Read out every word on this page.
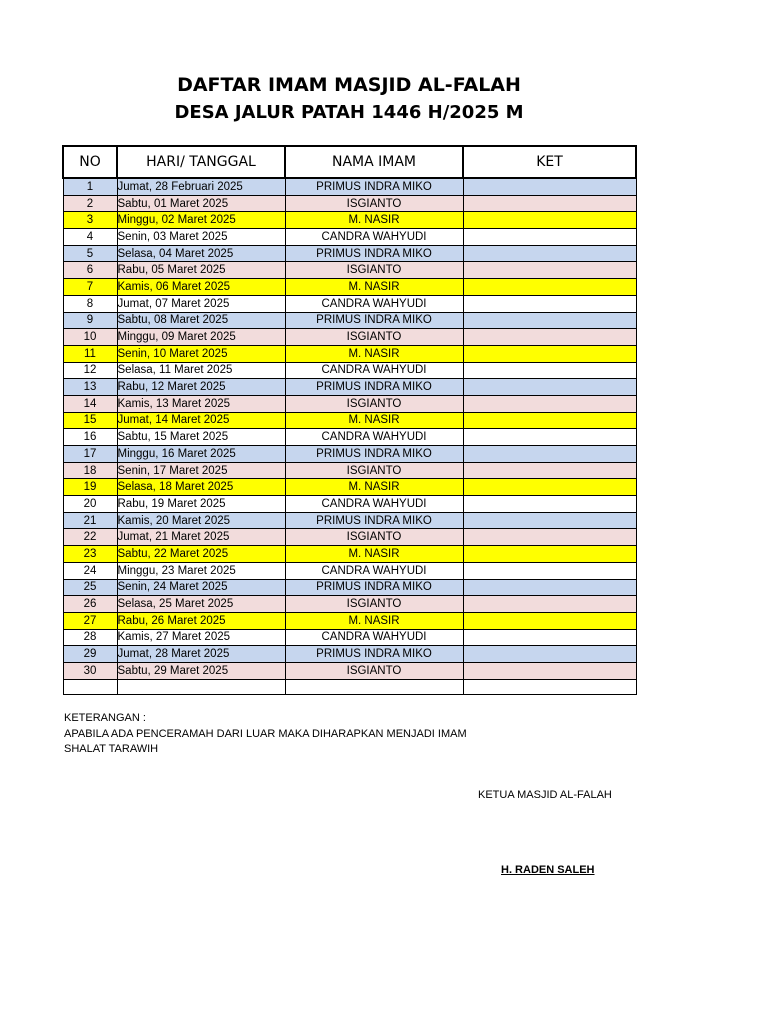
DAFTAR IMAM MASJID AL-FALAH
DESA JALUR PATAH 1446 H/2025 M
NO	HARI/ TANGGAL	NAMA IMAM	KET
1	Jumat, 28 Februari 2025	PRIMUS INDRA MIKO	
2	Sabtu, 01 Maret 2025	ISGIANTO	
3	Minggu, 02 Maret 2025	M. NASIR	
4	Senin, 03 Maret 2025	CANDRA WAHYUDI	
5	Selasa, 04 Maret 2025	PRIMUS INDRA MIKO	
6	Rabu, 05 Maret 2025	ISGIANTO	
7	Kamis, 06 Maret 2025	M. NASIR	
8	Jumat, 07 Maret 2025	CANDRA WAHYUDI	
9	Sabtu, 08 Maret 2025	PRIMUS INDRA MIKO	
10	Minggu, 09 Maret 2025	ISGIANTO	
11	Senin, 10 Maret 2025	M. NASIR	
12	Selasa, 11 Maret 2025	CANDRA WAHYUDI	
13	Rabu, 12 Maret 2025	PRIMUS INDRA MIKO	
14	Kamis, 13 Maret 2025	ISGIANTO	
15	Jumat, 14 Maret 2025	M. NASIR	
16	Sabtu, 15 Maret 2025	CANDRA WAHYUDI	
17	Minggu, 16 Maret 2025	PRIMUS INDRA MIKO	
18	Senin, 17 Maret 2025	ISGIANTO	
19	Selasa, 18 Maret 2025	M. NASIR	
20	Rabu, 19 Maret 2025	CANDRA WAHYUDI	
21	Kamis, 20 Maret 2025	PRIMUS INDRA MIKO	
22	Jumat, 21 Maret 2025	ISGIANTO	
23	Sabtu, 22 Maret 2025	M. NASIR	
24	Minggu, 23 Maret 2025	CANDRA WAHYUDI	
25	Senin, 24 Maret 2025	PRIMUS INDRA MIKO	
26	Selasa, 25 Maret 2025	ISGIANTO	
27	Rabu, 26 Maret 2025	M. NASIR	
28	Kamis, 27 Maret 2025	CANDRA WAHYUDI	
29	Jumat, 28 Maret 2025	PRIMUS INDRA MIKO	
30	Sabtu, 29 Maret 2025	ISGIANTO	

KETERANGAN :
APABILA ADA PENCERAMAH DARI LUAR MAKA DIHARAPKAN MENJADI IMAM
SHALAT TARAWIH
KETUA MASJID AL-FALAH
H. RADEN SALEH
